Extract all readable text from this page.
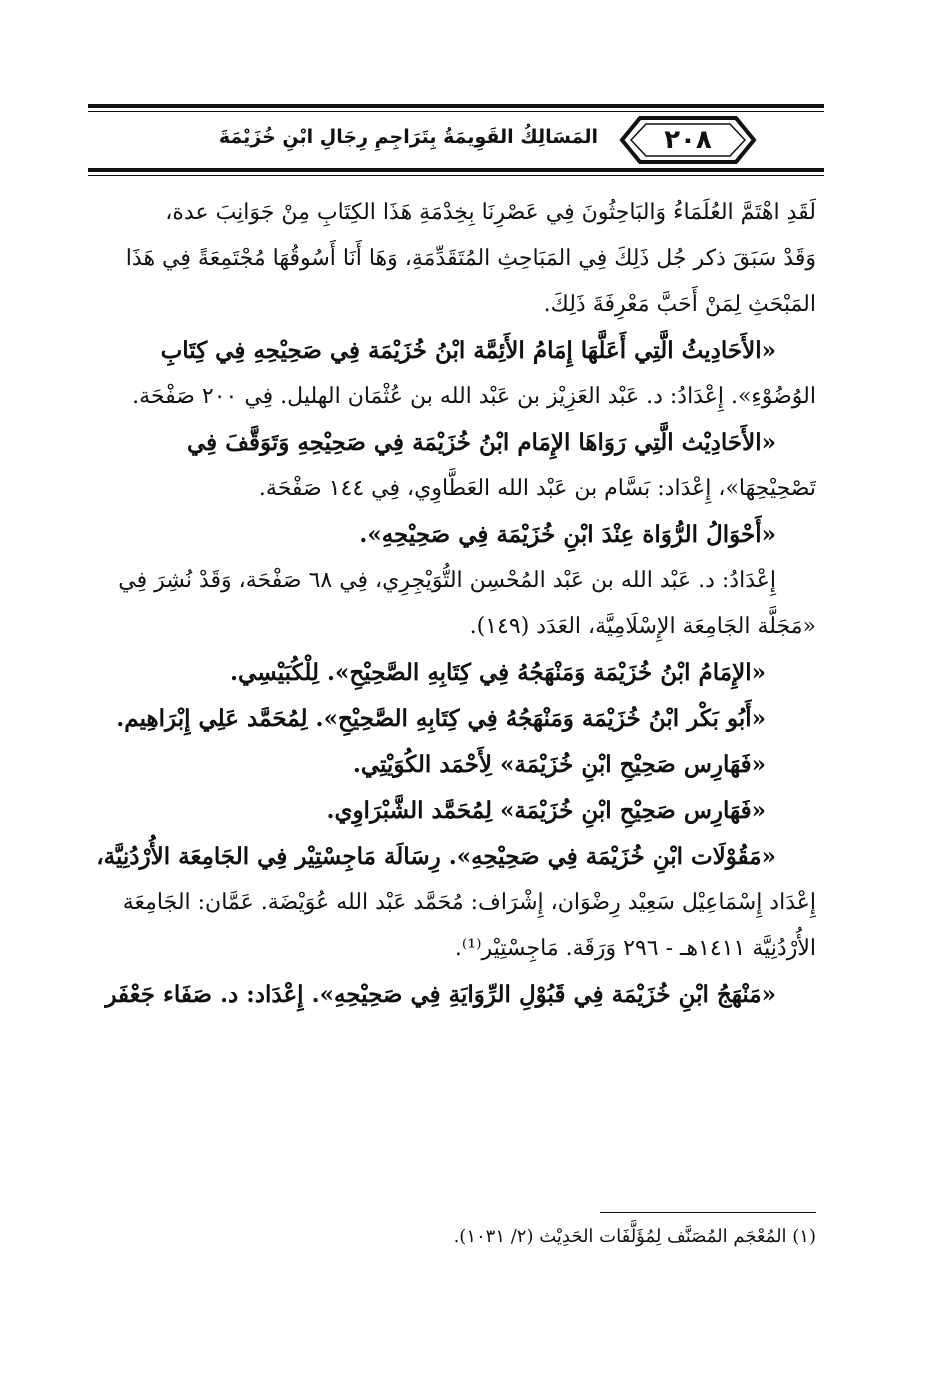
٢٠٨
المَسَالِكُ القَوِيمَةُ بِتَرَاجِمِ رِجَالِ ابْنِ خُزَيْمَةَ
لَقَدِ اهْتَمَّ العُلَمَاءُ وَالبَاحِثُونَ فِي عَصْرِنَا بِخِدْمَةِ هَذَا الكِتَابِ مِنْ جَوَانِبَ عدة،
وَقَدْ سَبَقَ ذكر جُل ذَلِكَ فِي المَبَاحِثِ المُتَقَدِّمَةِ، وَهَا أَنَا أَسُوقُهَا مُجْتَمِعَةً فِي هَذَا
المَبْحَثِ لِمَنْ أَحَبَّ مَعْرِفَةَ ذَلِكَ.
«الأَحَادِيثُ الَّتِي أَعَلَّهَا إِمَامُ الأَئِمَّة ابْنُ خُزَيْمَة فِي صَحِيْحِهِ فِي كِتَابِ
الوُضُوْءِ». إِعْدَادُ: د. عَبْد العَزِيْز بن عَبْد الله بن عُثْمَان الهليل. فِي ٢٠٠ صَفْحَة.
«الأَحَادِيْث الَّتِي رَوَاهَا الإِمَام ابْنُ خُزَيْمَة فِي صَحِيْحِهِ وَتَوَقَّفَ فِي
تَصْحِيْحِهَا»، إِعْدَاد: بَسَّام بن عَبْد الله العَطَّاوِي، فِي ١٤٤ صَفْحَة.
«أَحْوَالُ الرُّوَاة عِنْدَ ابْنِ خُزَيْمَة فِي صَحِيْحِهِ».
إِعْدَادُ: د. عَبْد الله بن عَبْد المُحْسِن التُّوَيْجِرِي، فِي ٦٨ صَفْحَة، وَقَدْ نُشِرَ فِي
«مَجَلَّة الجَامِعَة الإِسْلَامِيَّة، العَدَد (١٤٩).
«الإِمَامُ ابْنُ خُزَيْمَة وَمَنْهَجُهُ فِي كِتَابِهِ الصَّحِيْحِ». لِلْكُبَيْسِي.
«أَبُو بَكْر ابْنُ خُزَيْمَة وَمَنْهَجُهُ فِي كِتَابِهِ الصَّحِيْحِ». لِمُحَمَّد عَلِي إِبْرَاهِيم.
«فَهَارِس صَحِيْحِ ابْنِ خُزَيْمَة» لِأَحْمَد الكُوَيْتِي.
«فَهَارِس صَحِيْحِ ابْنِ خُزَيْمَة» لِمُحَمَّد الشَّبْرَاوِي.
«مَقُوْلَات ابْنِ خُزَيْمَة فِي صَحِيْحِهِ». رِسَالَة مَاجِسْتِيْر فِي الجَامِعَة الأُرْدُنِيَّة،
إِعْدَاد إِسْمَاعِيْل سَعِيْد رِضْوَان، إِشْرَاف: مُحَمَّد عَبْد الله عُوَيْضَة. عَمَّان: الجَامِعَة
الأُرْدُنِيَّة ١٤١١هـ - ٢٩٦ وَرَقَة. مَاجِسْتِيْر⁽¹⁾.
«مَنْهَجُ ابْنِ خُزَيْمَة فِي قَبُوْلِ الرِّوَايَةِ فِي صَحِيْحِهِ». إِعْدَاد: د. صَفَاء جَعْفَر
(١) المُعْجَم المُصَنَّف لِمُؤَلَّفَات الحَدِيْث (٢/ ١٠٣١).
